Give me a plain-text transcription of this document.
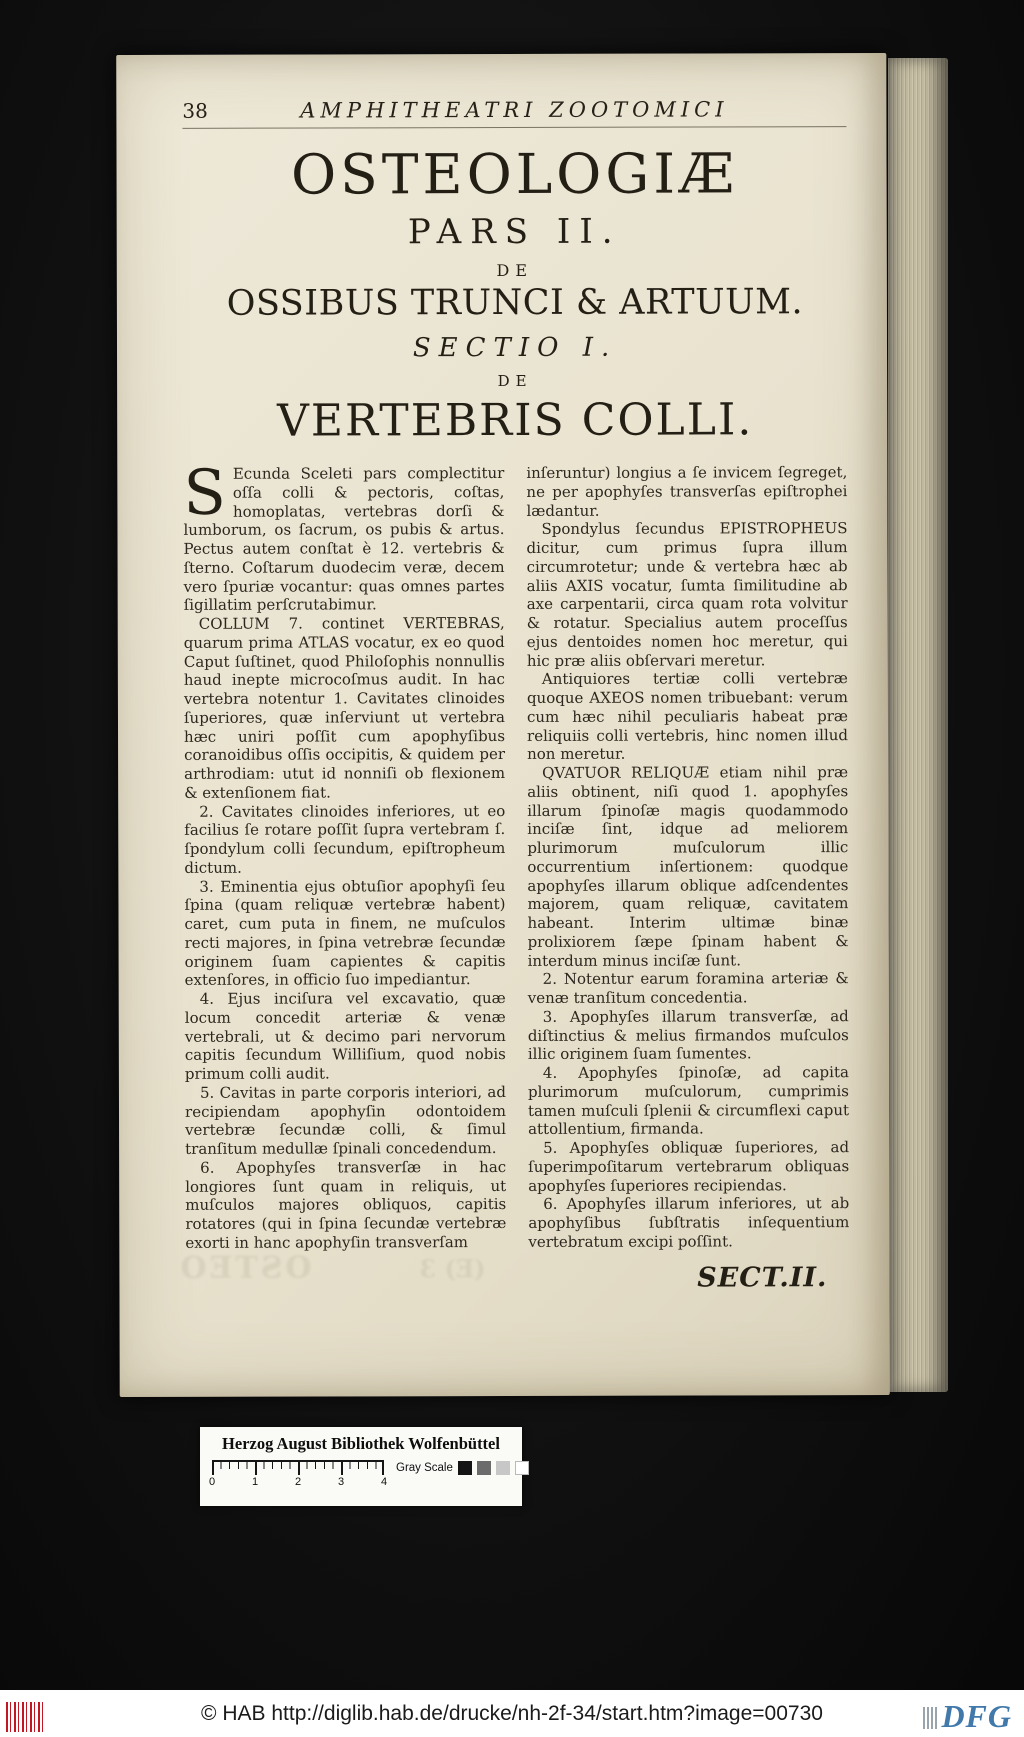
38	AMPHITHEATRI ZOOTOMICI
OSTEOLOGIÆ
PARS II.
DE
OSSIBUS TRUNCI & ARTUUM.
SECTIO I.
DE
VERTEBRIS COLLI.

S Ecunda Sceleti pars complectitur oſſa colli & pectoris, coſtas, homoplatas, vertebras dorſi & lumborum, os ſacrum, os pubis & artus. Pectus autem conſtat è 12. vertebris & ſterno. Coſtarum duodecim veræ, decem vero ſpuriæ vocantur: quas omnes partes ſigillatim perſcrutabimur.

COLLUM 7. continet VERTEBRAS, quarum prima ATLAS vocatur, ex eo quod Caput ſuſtinet, quod Philoſophis nonnullis haud inepte microcoſmus audit. In hac vertebra notentur 1. Cavitates clinoides ſuperiores, quæ inſerviunt ut vertebra hæc uniri poſſit cum apophyſibus coranoidibus oſſis occipitis, & quidem per arthrodiam: utut id nonniſi ob flexionem & extenſionem fiat.

2. Cavitates clinoides inferiores, ut eo facilius ſe rotare poſſit ſupra vertebram ſ. ſpondylum colli ſecundum, epiſtropheum dictum.

3. Eminentia ejus obtuſior apophyſi ſeu ſpina (quam reliquæ vertebræ habent) caret, cum puta in finem, ne muſculos recti majores, in ſpina vetrebræ ſecundæ originem ſuam capientes & capitis extenſores, in officio ſuo impediantur.

4. Ejus inciſura vel excavatio, quæ locum concedit arteriæ & venæ vertebrali, ut & decimo pari nervorum capitis ſecundum Williſium, quod nobis primum colli audit.

5. Cavitas in parte corporis interiori, ad recipiendam apophyſin odontoidem vertebræ ſecundæ colli, & ſimul tranſitum medullæ ſpinali concedendum.

6. Apophyſes transverſæ in hac longiores ſunt quam in reliquis, ut muſculos majores obliquos, capitis rotatores (qui in ſpina ſecundæ vertebræ exorti in hanc apophyſin transverſam

inſeruntur) longius a ſe invicem ſegreget, ne per apophyſes transverſas epiſtrophei lædantur.

Spondylus ſecundus EPISTROPHEUS dicitur, cum primus ſupra illum circumrotetur; unde & vertebra hæc ab aliis AXIS vocatur, ſumta ſimilitudine ab axe carpentarii, circa quam rota volvitur & rotatur. Specialius autem proceſſus ejus dentoides nomen hoc meretur, qui hic præ aliis obſervari meretur.

Antiquiores tertiæ colli vertebræ quoque AXEOS nomen tribuebant: verum cum hæc nihil peculiaris habeat præ reliquiis colli vertebris, hinc nomen illud non meretur.

QVATUOR RELIQUÆ etiam nihil præ aliis obtinent, niſi quod 1. apophyſes illarum ſpinoſæ magis quodammodo inciſæ ſint, idque ad meliorem plurimorum muſculorum illic occurrentium inſertionem: quodque apophyſes illarum oblique adſcendentes majorem, quam reliquæ, cavitatem habeant. Interim ultimæ binæ prolixiorem ſæpe ſpinam habent & interdum minus inciſæ ſunt.

2. Notentur earum foramina arteriæ & venæ tranſitum concedentia.

3. Apophyſes illarum transverſæ, ad diſtinctius & melius firmandos muſculos illic originem ſuam ſumentes.

4. Apophyſes ſpinoſæ, ad capita plurimorum muſculorum, cumprimis tamen muſculi ſplenii & circumflexi caput attollentium, firmanda.

5. Apophyſes obliquæ ſuperiores, ad ſuperimpoſitarum vertebrarum obliquas apophyſes ſuperiores recipiendas.

6. Apophyſes illarum inferiores, ut ab apophyſibus ſubſtratis inſequentium vertebratum excipi poſſint.

SECT.II.
OSTEO	(E) 3
Herzog August Bibliothek Wolfenbüttel
0	1	2	3	4
Gray Scale
© HAB http://diglib.hab.de/drucke/nh-2f-34/start.htm?image=00730	DFG
